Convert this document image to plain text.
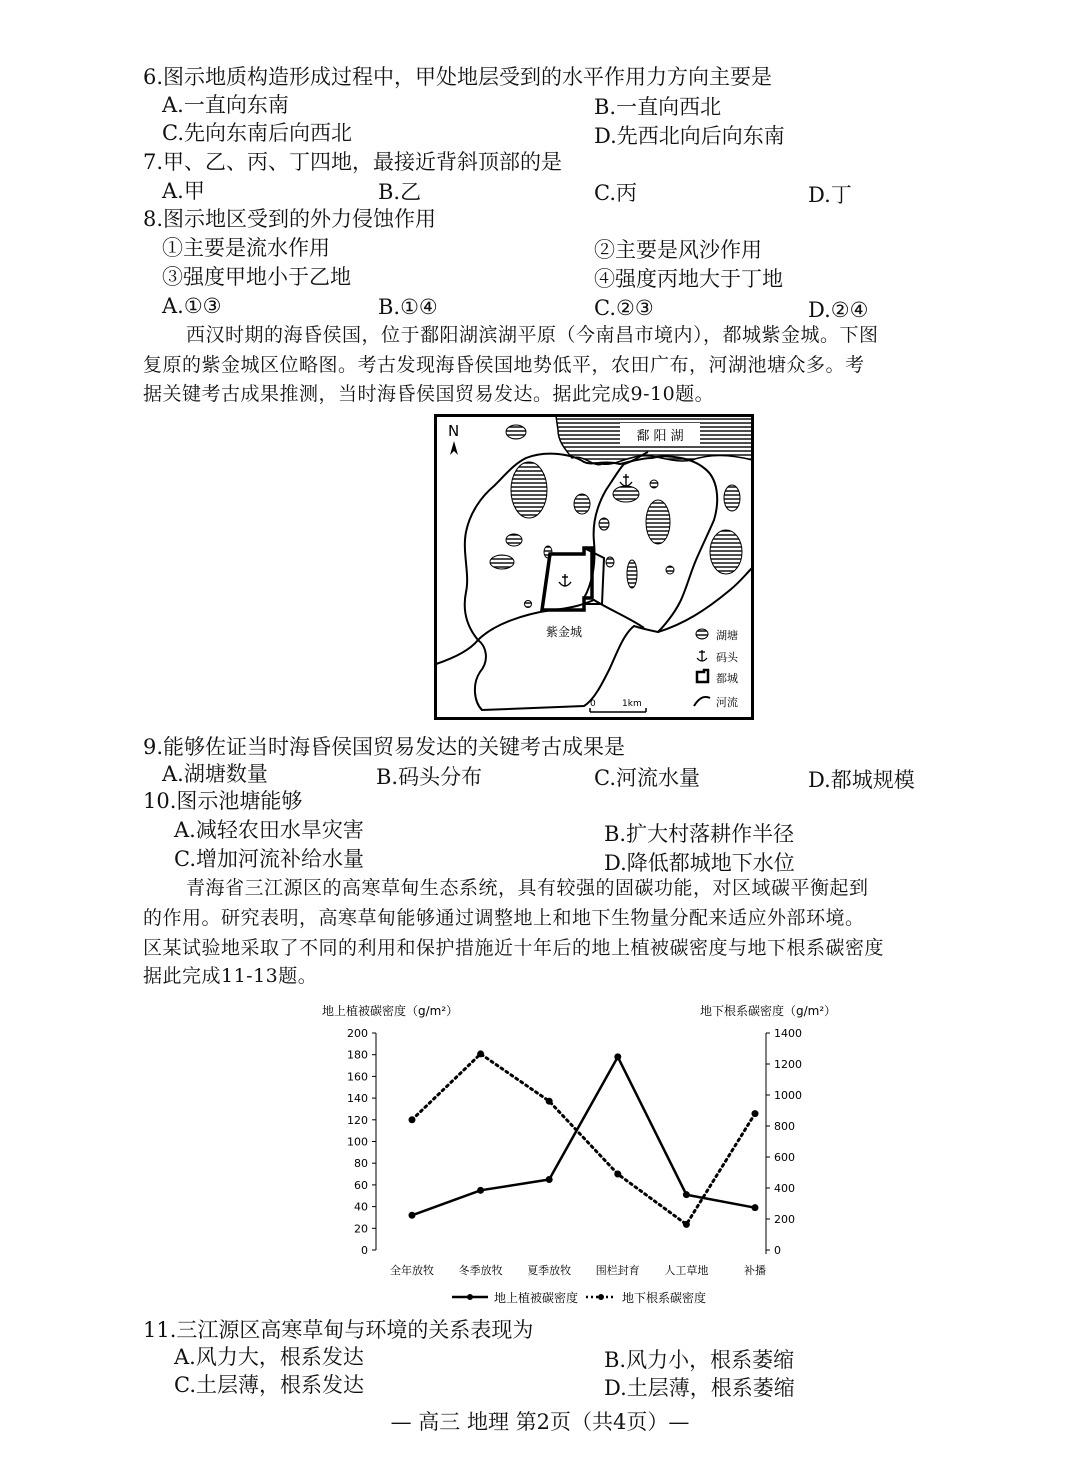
6.图示地质构造形成过程中，甲处地层受到的水平作用力方向主要是
A.一直向东南	B.一直向西北
C.先向东南后向西北	D.先西北向后向东南
7.甲、乙、丙、丁四地，最接近背斜顶部的是
A.甲	B.乙	C.丙	D.丁
8.图示地区受到的外力侵蚀作用
①主要是流水作用	②主要是风沙作用
③强度甲地小于乙地	④强度丙地大于丁地
A.①③	B.①④	C.②③	D.②④
西汉时期的海昏侯国，位于鄱阳湖滨湖平原（今南昌市境内），都城紫金城。下图
复原的紫金城区位略图。考古发现海昏侯国地势低平，农田广布，河湖池塘众多。考
据关键考古成果推测，当时海昏侯国贸易发达。据此完成9-10题。
鄱 阳 湖
N
紫金城	湖塘
码头
都城
河流
0	1km
9.能够佐证当时海昏侯国贸易发达的关键考古成果是
A.湖塘数量	B.码头分布	C.河流水量	D.都城规模
10.图示池塘能够
A.减轻农田水旱灾害	B.扩大村落耕作半径
C.增加河流补给水量	D.降低都城地下水位
青海省三江源区的高寒草甸生态系统，具有较强的固碳功能，对区域碳平衡起到
的作用。研究表明，高寒草甸能够通过调整地上和地下生物量分配来适应外部环境。
区某试验地采取了不同的利用和保护措施近十年后的地上植被碳密度与地下根系碳密度
据此完成11-13题。
地上植被碳密度（g/m²）	地下根系碳密度（g/m²）
0
20
40
60
80
100
120
140
160
180
200
0
200
400
600
800
1000
1200
1400
全年放牧 冬季放牧 夏季放牧 围栏封育 人工草地	补播
地上植被碳密度	地下根系碳密度
11.三江源区高寒草甸与环境的关系表现为
A.风力大，根系发达	B.风力小，根系萎缩
C.土层薄，根系发达	D.土层薄，根系萎缩
— 高三 地理 第2页（共4页）—
